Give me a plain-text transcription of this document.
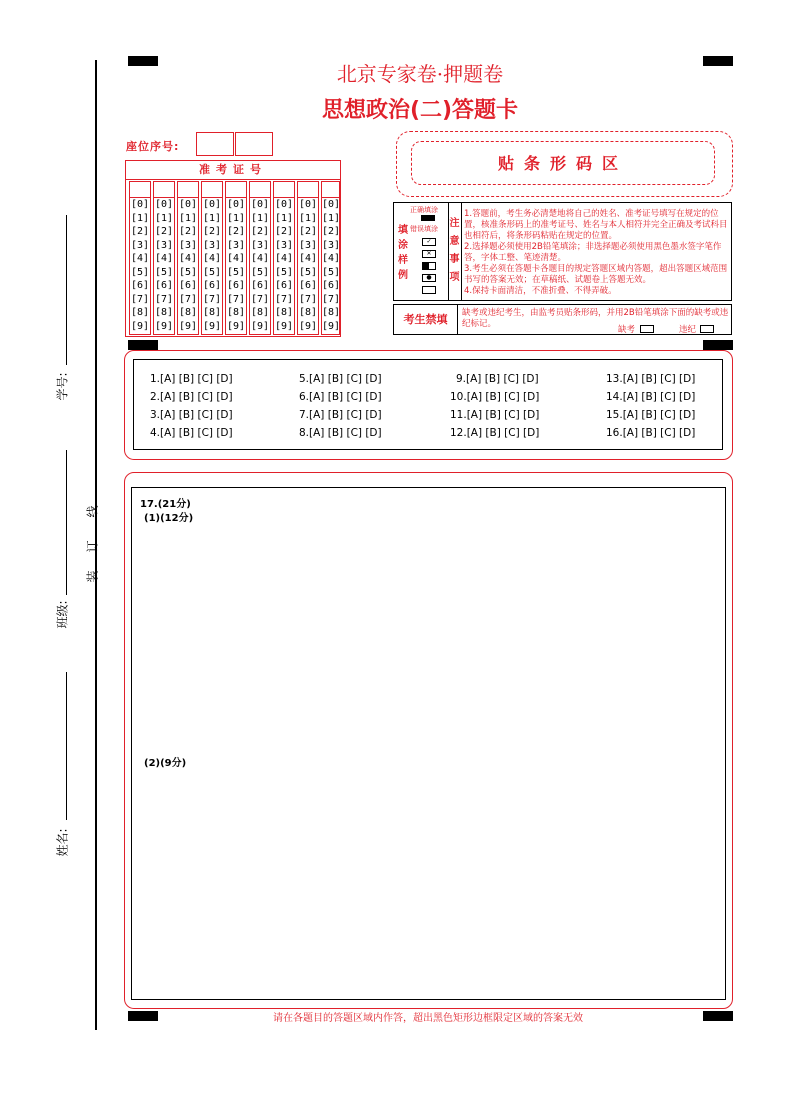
北京专家卷·押题卷
思想政治(二)答题卡
座位序号:
准考证号
[0]
[1]
[2]
[3]
[4]
[5]
[6]
[7]
[8]
[9]
[0]
[1]
[2]
[3]
[4]
[5]
[6]
[7]
[8]
[9]
[0]
[1]
[2]
[3]
[4]
[5]
[6]
[7]
[8]
[9]
[0]
[1]
[2]
[3]
[4]
[5]
[6]
[7]
[8]
[9]
[0]
[1]
[2]
[3]
[4]
[5]
[6]
[7]
[8]
[9]
[0]
[1]
[2]
[3]
[4]
[5]
[6]
[7]
[8]
[9]
[0]
[1]
[2]
[3]
[4]
[5]
[6]
[7]
[8]
[9]
[0]
[1]
[2]
[3]
[4]
[5]
[6]
[7]
[8]
[9]
[0]
[1]
[2]
[3]
[4]
[5]
[6]
[7]
[8]
[9]
贴条形码区
正确填涂
错误填涂
填涂样例
✓
✕
●
注意事项
1.答题前，考生务必清楚地将自己的姓名、准考证号填写在规定的位置，核准条形码上的准考证号、姓名与本人相符并完全正确及考试科目也相符后，将条形码粘贴在规定的位置。
2.选择题必须使用2B铅笔填涂；非选择题必须使用黑色墨水签字笔作答，字体工整、笔迹清楚。
3.考生必须在答题卡各题目的规定答题区域内答题，超出答题区域范围书写的答案无效；在草稿纸、试题卷上答题无效。
4.保持卡面清洁，不准折叠、不得弄破。
考生禁填	缺考或违纪考生，由监考员贴条形码，并用2B铅笔填涂下面的缺考或违纪标记。
缺考	违纪
1.[A] [B] [C] [D]
2.[A] [B] [C] [D]
3.[A] [B] [C] [D]
4.[A] [B] [C] [D]
5.[A] [B] [C] [D]
6.[A] [B] [C] [D]
7.[A] [B] [C] [D]
8.[A] [B] [C] [D]
9.[A] [B] [C] [D]
10.[A] [B] [C] [D]
11.[A] [B] [C] [D]
12.[A] [B] [C] [D]
13.[A] [B] [C] [D]
14.[A] [B] [C] [D]
15.[A] [B] [C] [D]
16.[A] [B] [C] [D]
17.(21分)
(1)(12分)
(2)(9分)
请在各题目的答题区域内作答，超出黑色矩形边框限定区域的答案无效
学号:
班级:
姓名:
装
订
线
